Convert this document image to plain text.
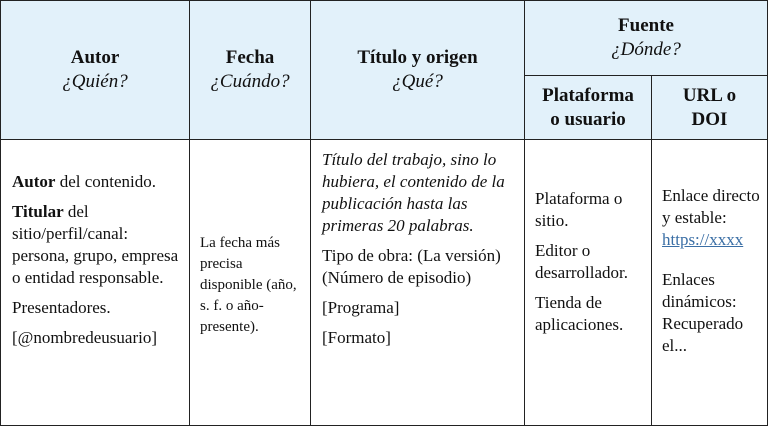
Autor
¿Quién?
Fecha
¿Cuándo?
Título y origen
¿Qué?
Fuente
¿Dónde?
Plataforma
o usuario
URL o
DOI

Autor del contenido.

Titular del sitio/perfil/canal: persona, grupo, empresa o entidad responsable.

Presentadores.

[@nombredeusuario]

La fecha más precisa disponible (año, s. f. o año-presente).

Título del trabajo, sino lo hubiera, el contenido de la publicación hasta las primeras 20 palabras.

Tipo de obra: (La versión) (Número de episodio)

[Programa]

[Formato]

Plataforma o sitio.

Editor o desarrollador.

Tienda de aplicaciones.

Enlace directo y estable:

https://xxxx

Enlaces dinámicos: Recuperado el...
